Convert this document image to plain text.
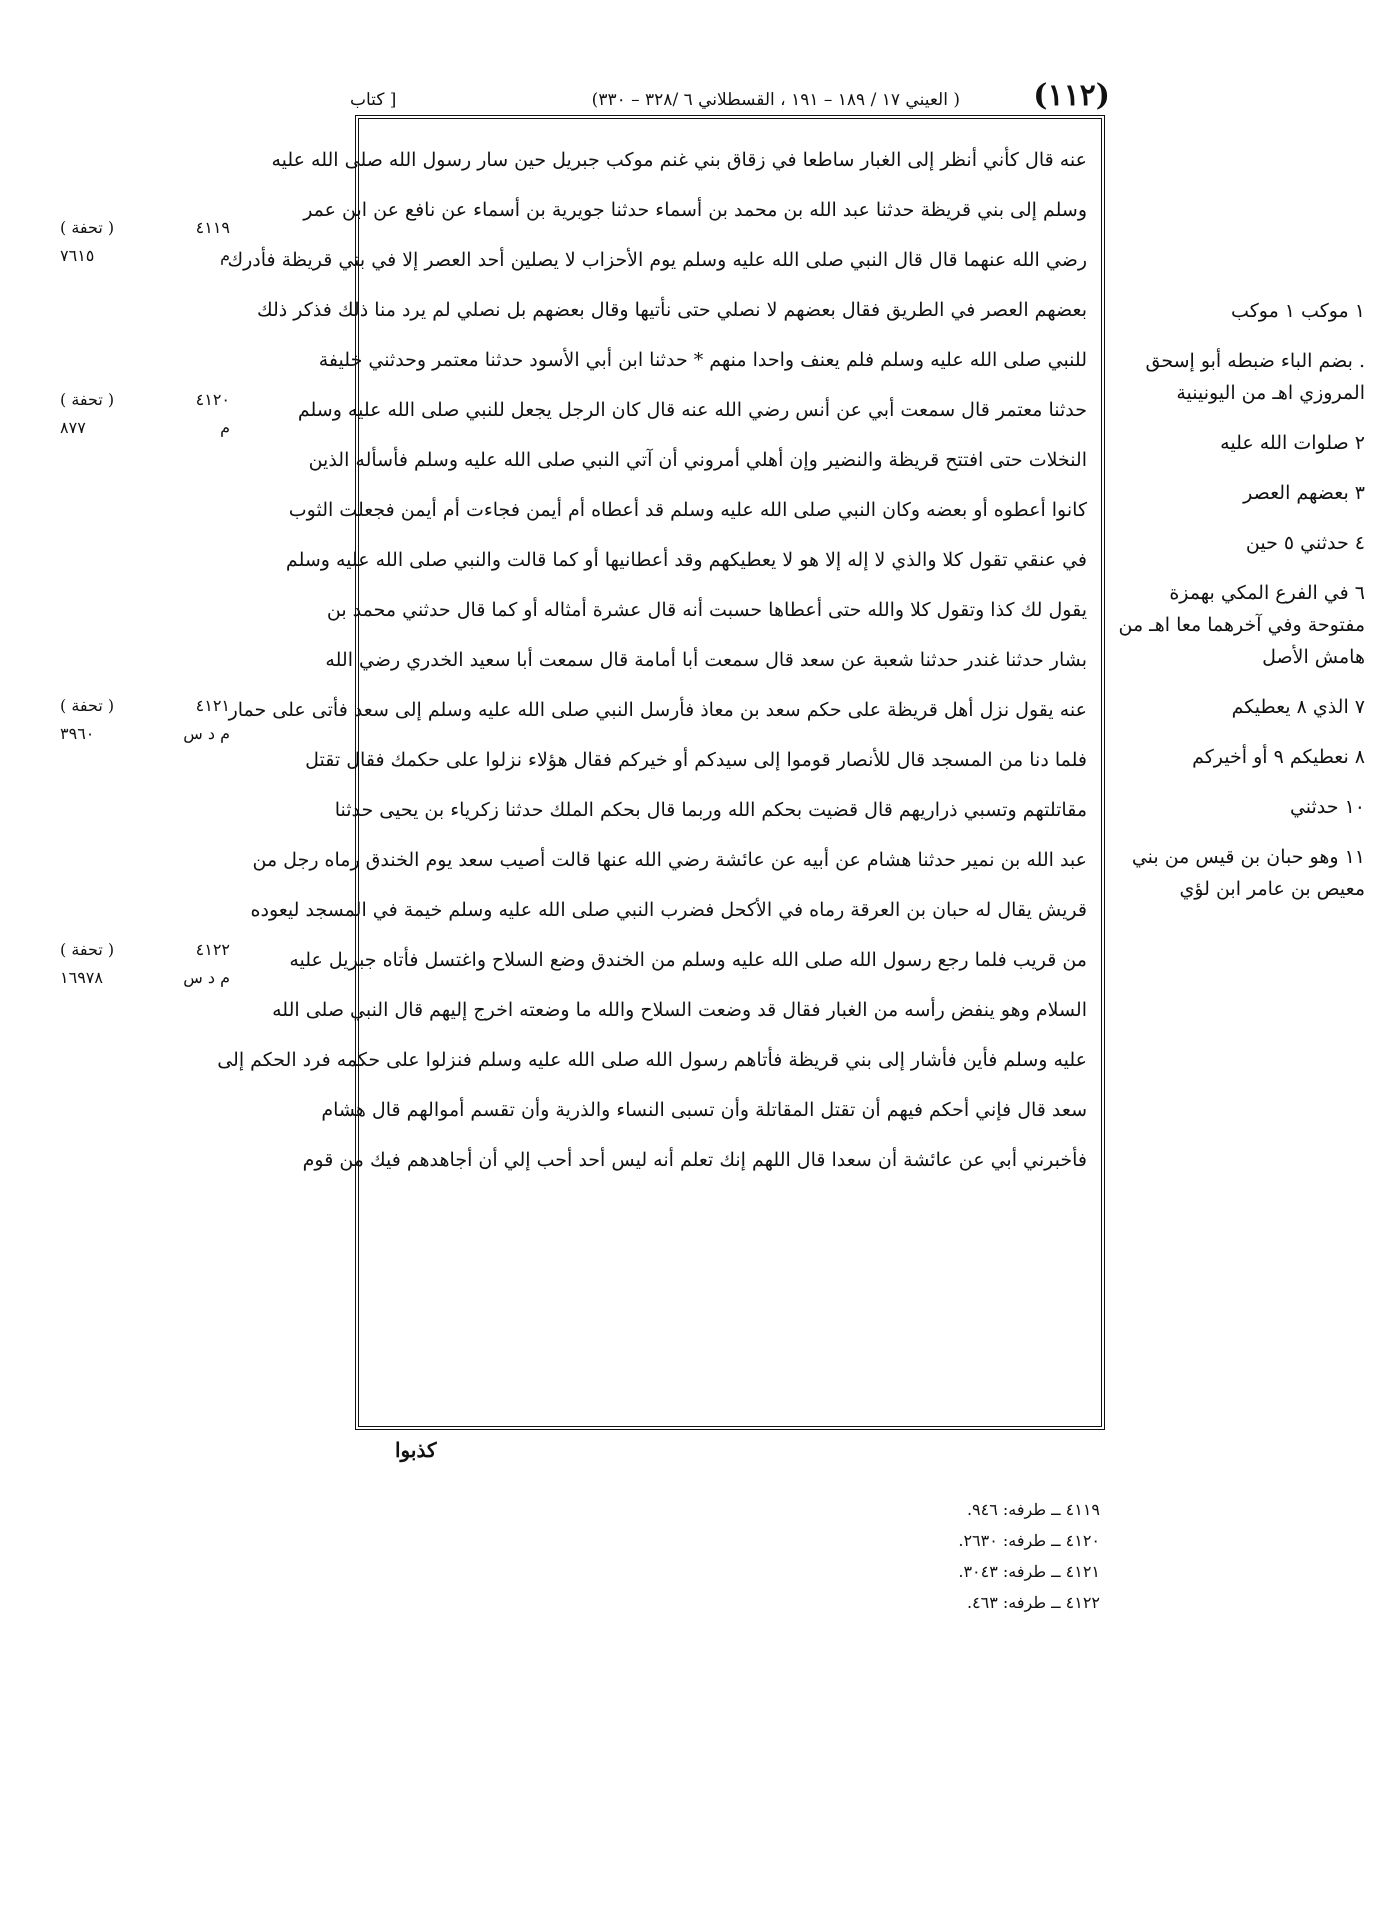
(١١٢)
( العيني ١٧ / ١٨٩ – ١٩١ ، القسطلاني ٦ /٣٢٨ – ٣٣٠)
[ كتاب
عنه قال كأني أنظر إلى الغبار ساطعا في زقاق بني غنم موكب جبريل حين سار رسول الله صلى الله عليه
وسلم إلى بني قريظة حدثنا عبد الله بن محمد بن أسماء حدثنا جويرية بن أسماء عن نافع عن ابن عمر
رضي الله عنهما قال قال النبي صلى الله عليه وسلم يوم الأحزاب لا يصلين أحد العصر إلا في بني قريظة فأدرك
بعضهم العصر في الطريق فقال بعضهم لا نصلي حتى نأتيها وقال بعضهم بل نصلي لم يرد منا ذلك فذكر ذلك
للنبي صلى الله عليه وسلم فلم يعنف واحدا منهم * حدثنا ابن أبي الأسود حدثنا معتمر وحدثني خليفة
حدثنا معتمر قال سمعت أبي عن أنس رضي الله عنه قال كان الرجل يجعل للنبي صلى الله عليه وسلم
النخلات حتى افتتح قريظة والنضير وإن أهلي أمروني أن آتي النبي صلى الله عليه وسلم فأسأله الذين
كانوا أعطوه أو بعضه وكان النبي صلى الله عليه وسلم قد أعطاه أم أيمن فجاءت أم أيمن فجعلت الثوب
في عنقي تقول كلا والذي لا إله إلا هو لا يعطيكهم وقد أعطانيها أو كما قالت والنبي صلى الله عليه وسلم
يقول لك كذا وتقول كلا والله حتى أعطاها حسبت أنه قال عشرة أمثاله أو كما قال حدثني محمد بن
بشار حدثنا غندر حدثنا شعبة عن سعد قال سمعت أبا أمامة قال سمعت أبا سعيد الخدري رضي الله
عنه يقول نزل أهل قريظة على حكم سعد بن معاذ فأرسل النبي صلى الله عليه وسلم إلى سعد فأتى على حمار
فلما دنا من المسجد قال للأنصار قوموا إلى سيدكم أو خيركم فقال هؤلاء نزلوا على حكمك فقال تقتل
مقاتلتهم وتسبي ذراريهم قال قضيت بحكم الله وربما قال بحكم الملك حدثنا زكرياء بن يحيى حدثنا
عبد الله بن نمير حدثنا هشام عن أبيه عن عائشة رضي الله عنها قالت أصيب سعد يوم الخندق رماه رجل من
قريش يقال له حبان بن العرقة رماه في الأكحل فضرب النبي صلى الله عليه وسلم خيمة في المسجد ليعوده
من قريب فلما رجع رسول الله صلى الله عليه وسلم من الخندق وضع السلاح واغتسل فأتاه جبريل عليه
السلام وهو ينفض رأسه من الغبار فقال قد وضعت السلاح والله ما وضعته اخرج إليهم قال النبي صلى الله
عليه وسلم فأين فأشار إلى بني قريظة فأتاهم رسول الله صلى الله عليه وسلم فنزلوا على حكمه فرد الحكم إلى
سعد قال فإني أحكم فيهم أن تقتل المقاتلة وأن تسبى النساء والذرية وأن تقسم أموالهم قال هشام
فأخبرني أبي عن عائشة أن سعدا قال اللهم إنك تعلم أنه ليس أحد أحب إلي أن أجاهدهم فيك من قوم
كذبوا
٤١١٩
( تحفة )
م
٧٦١٥
٤١٢٠
( تحفة )
م
٨٧٧
٤١٢١
( تحفة )
م د س
٣٩٦٠
٤١٢٢
( تحفة )
م د س
١٦٩٧٨
١ موكب ١ موكب
. بضم الباء ضبطه أبو إسحق المروزي اهـ من اليونينية
٢ صلوات الله عليه
٣ بعضهم العصر
٤ حدثني ٥ حين
٦ في الفرع المكي بهمزة مفتوحة وفي آخرهما معا اهـ من هامش الأصل
٧ الذي ٨ يعطيكم
٨ نعطيكم ٩ أو أخيركم
١٠ حدثني
١١ وهو حبان بن قيس من بني معيص بن عامر ابن لؤي
٤١١٩ ــ طرفه: ٩٤٦.
٤١٢٠ ــ طرفه: ٢٦٣٠.
٤١٢١ ــ طرفه: ٣٠٤٣.
٤١٢٢ ــ طرفه: ٤٦٣.
